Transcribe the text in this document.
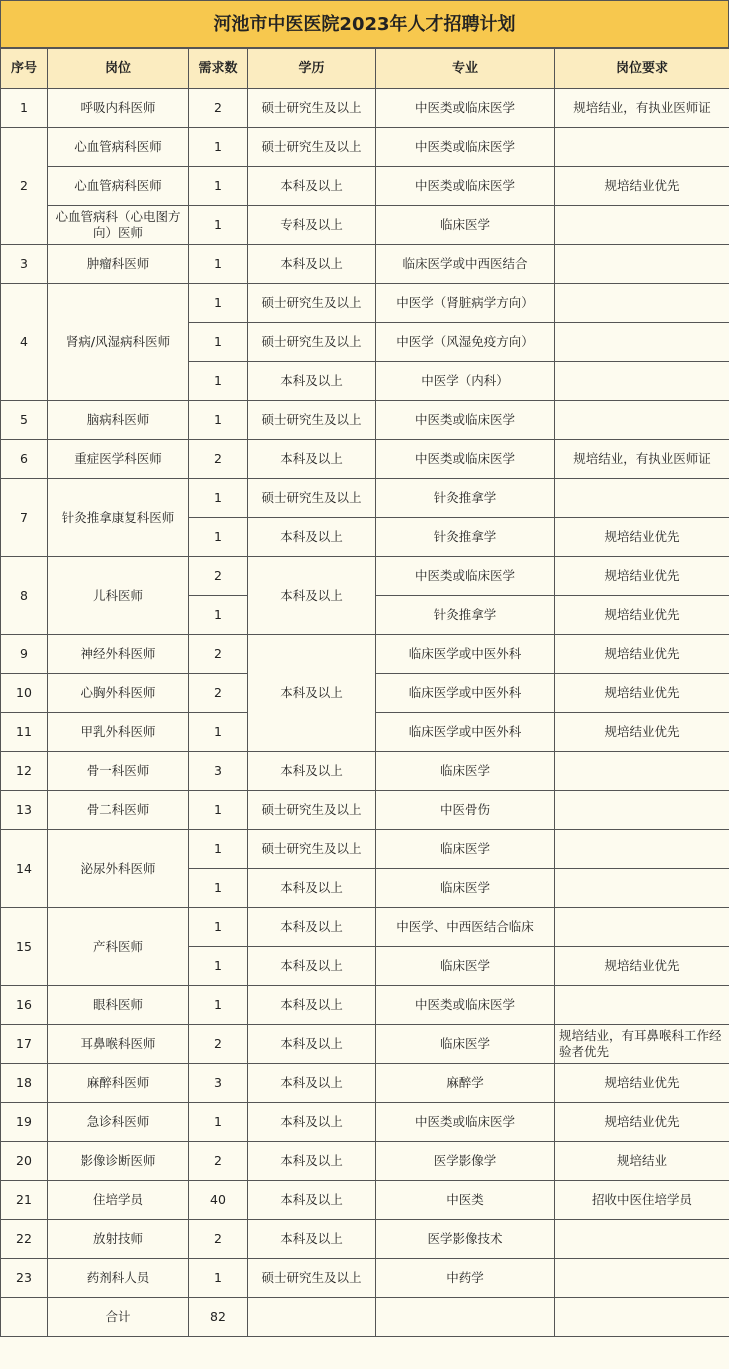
河池市中医医院2023年人才招聘计划
序号	岗位	需求数	学历	专业	岗位要求
1	呼吸内科医师	2	硕士研究生及以上	中医类或临床医学	规培结业，有执业医师证
2	心血管病科医师	1	硕士研究生及以上	中医类或临床医学	
	心血管病科医师	1	本科及以上	中医类或临床医学	规培结业优先
	心血管病科（心电图方向）医师	1	专科及以上	临床医学	
3	肿瘤科医师	1	本科及以上	临床医学或中西医结合	
4	肾病/风湿病科医师	1	硕士研究生及以上	中医学（肾脏病学方向）	
		1	硕士研究生及以上	中医学（风湿免疫方向）	
		1	本科及以上	中医学（内科）	
5	脑病科医师	1	硕士研究生及以上	中医类或临床医学	
6	重症医学科医师	2	本科及以上	中医类或临床医学	规培结业，有执业医师证
7	针灸推拿康复科医师	1	硕士研究生及以上	针灸推拿学	
		1	本科及以上	针灸推拿学	规培结业优先
8	儿科医师	2	本科及以上	中医类或临床医学	规培结业优先
		1		针灸推拿学	规培结业优先
9	神经外科医师	2	本科及以上	临床医学或中医外科	规培结业优先
10	心胸外科医师	2		临床医学或中医外科	规培结业优先
11	甲乳外科医师	1		临床医学或中医外科	规培结业优先
12	骨一科医师	3	本科及以上	临床医学	
13	骨二科医师	1	硕士研究生及以上	中医骨伤	
14	泌尿外科医师	1	硕士研究生及以上	临床医学	
		1	本科及以上	临床医学	
15	产科医师	1	本科及以上	中医学、中西医结合临床	
		1	本科及以上	临床医学	规培结业优先
16	眼科医师	1	本科及以上	中医类或临床医学	
17	耳鼻喉科医师	2	本科及以上	临床医学	规培结业，有耳鼻喉科工作经验者优先
18	麻醉科医师	3	本科及以上	麻醉学	规培结业优先
19	急诊科医师	1	本科及以上	中医类或临床医学	规培结业优先
20	影像诊断医师	2	本科及以上	医学影像学	规培结业
21	住培学员	40	本科及以上	中医类	招收中医住培学员
22	放射技师	2	本科及以上	医学影像技术	
23	药剂科人员	1	硕士研究生及以上	中药学	
	合计	82			
